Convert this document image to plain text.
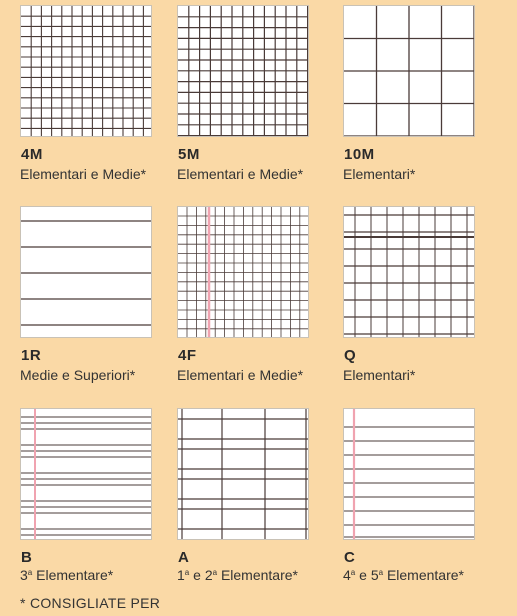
4M
Elementari e Medie*
5M
Elementari e Medie*
10M
Elementari*
1R
Medie e Superiori*
4F
Elementari e Medie*
Q
Elementari*
B
3$^a$ Elementare*
A
1$^a$ e 2$^a$ Elementare*
C
4$^a$ e 5$^a$ Elementare*
* CONSIGLIATE PER
